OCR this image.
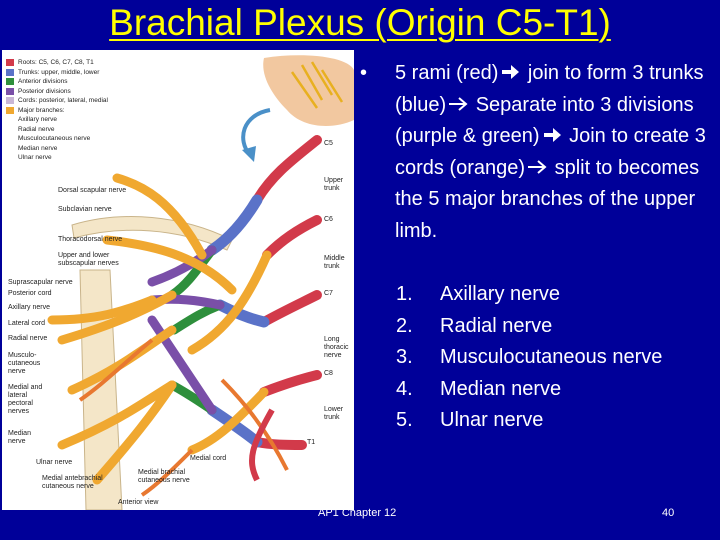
Brachial Plexus (Origin C5-T1)
Roots: C5, C6, C7, C8, T1
Trunks: upper, middle, lower
Anterior divisions
Posterior divisions
Cords: posterior, lateral, medial
Major branches:
Axillary nerve
Radial nerve
Musculocutaneous nerve
Median nerve
Ulnar nerve
Dorsal scapular nerve
Subclavian nerve
Thoracodorsal nerve
Upper and lower
subscapular nerves
Suprascapular nerve
Posterior cord
Axillary nerve
Lateral cord
Radial nerve
Musculo-
cutaneous
nerve
Medial and
lateral
pectoral
nerves
Median
nerve
Ulnar nerve
Medial antebrachial
cutaneous nerve
C5
Upper
trunk
C6
Middle
trunk
C7
Long
thoracic
nerve
C8
Lower
trunk
T1
Medial cord
Medial brachial
cutaneous nerve
Anterior view
•	5 rami (red) join to form 3 trunks (blue) Separate into 3 divisions (purple & green) Join to create 3 cords (orange) split to becomes the 5 major branches of the upper limb.
1.	Axillary nerve
2.	Radial nerve
3.	Musculocutaneous nerve
4.	Median nerve
5.	Ulnar nerve
AP1 Chapter 12	40
